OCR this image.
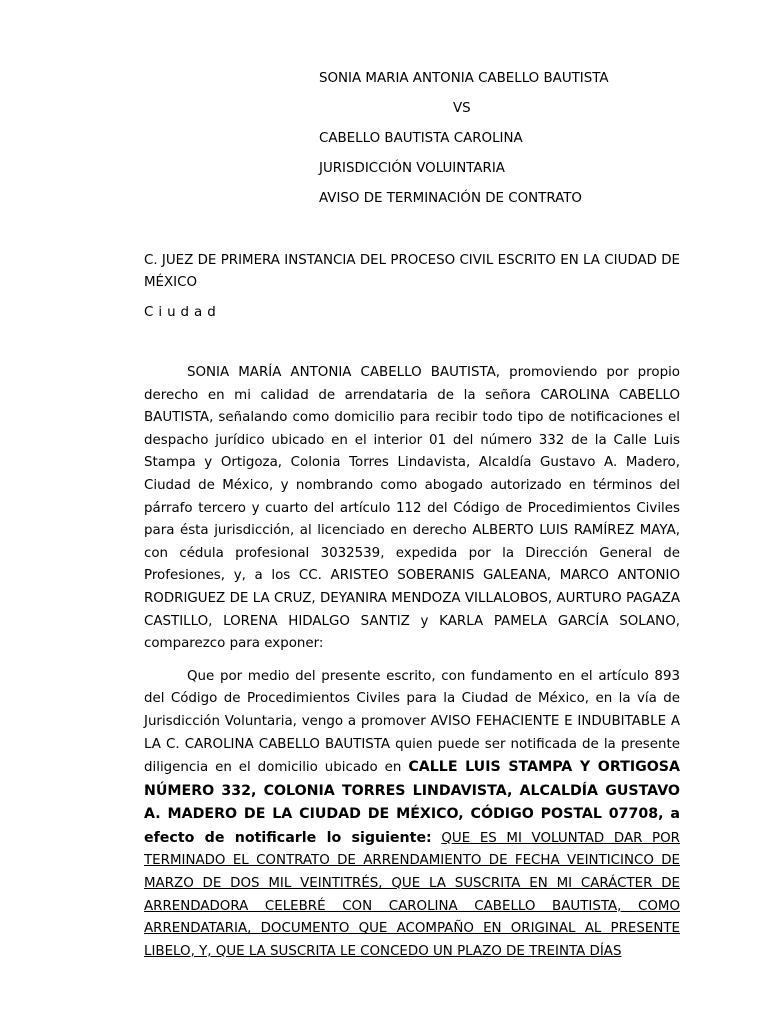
SONIA MARIA ANTONIA CABELLO BAUTISTA

VS

CABELLO BAUTISTA CAROLINA

JURISDICCIÓN VOLUINTARIA

AVISO DE TERMINACIÓN DE CONTRATO

C. JUEZ DE PRIMERA INSTANCIA DEL PROCESO CIVIL ESCRITO EN LA CIUDAD DE MÉXICO

Ciudad

SONIA MARÍA ANTONIA CABELLO BAUTISTA, promoviendo por propio derecho en mi calidad de arrendataria de la señora CAROLINA CABELLO BAUTISTA, señalando como domicilio para recibir todo tipo de notificaciones el despacho jurídico ubicado en el interior 01 del número 332 de la Calle Luis Stampa y Ortigoza, Colonia Torres Lindavista, Alcaldía Gustavo A. Madero, Ciudad de México, y nombrando como abogado autorizado en términos del párrafo tercero y cuarto del artículo 112 del Código de Procedimientos Civiles para ésta jurisdicción, al licenciado en derecho ALBERTO LUIS RAMÍREZ MAYA, con cédula profesional 3032539, expedida por la Dirección General de Profesiones, y, a los CC. ARISTEO SOBERANIS GALEANA, MARCO ANTONIO RODRIGUEZ DE LA CRUZ, DEYANIRA MENDOZA VILLALOBOS, AURTURO PAGAZA CASTILLO, LORENA HIDALGO SANTIZ y KARLA PAMELA GARCÍA SOLANO, comparezco para exponer:

Que por medio del presente escrito, con fundamento en el artículo 893 del Código de Procedimientos Civiles para la Ciudad de México, en la vía de Jurisdicción Voluntaria, vengo a promover AVISO FEHACIENTE E INDUBITABLE A LA C. CAROLINA CABELLO BAUTISTA quien puede ser notificada de la presente diligencia en el domicilio ubicado en CALLE LUIS STAMPA Y ORTIGOSA NÚMERO 332, COLONIA TORRES LINDAVISTA, ALCALDÍA GUSTAVO A. MADERO DE LA CIUDAD DE MÉXICO, CÓDIGO POSTAL 07708, a efecto de notificarle lo siguiente: QUE ES MI VOLUNTAD DAR POR TERMINADO EL CONTRATO DE ARRENDAMIENTO DE FECHA VEINTICINCO DE MARZO DE DOS MIL VEINTITRÉS, QUE LA SUSCRITA EN MI CARÁCTER DE ARRENDADORA CELEBRÉ CON CAROLINA CABELLO BAUTISTA, COMO ARRENDATARIA, DOCUMENTO QUE ACOMPAÑO EN ORIGINAL AL PRESENTE LIBELO, Y, QUE LA SUSCRITA LE CONCEDO UN PLAZO DE TREINTA DÍAS
